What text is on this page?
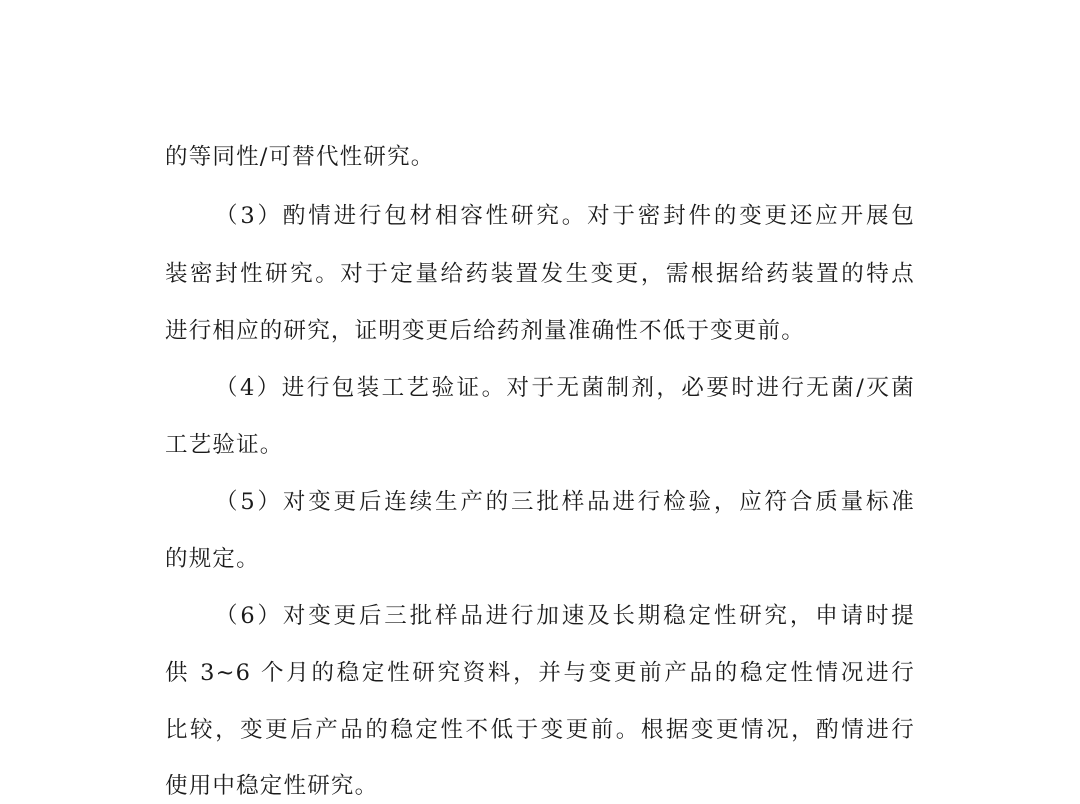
的等同性/可替代性研究。
（3）酌情进行包材相容性研究。对于密封件的变更还应开展包
装密封性研究。对于定量给药装置发生变更，需根据给药装置的特点
进行相应的研究，证明变更后给药剂量准确性不低于变更前。
（4）进行包装工艺验证。对于无菌制剂，必要时进行无菌/灭菌
工艺验证。
（5）对变更后连续生产的三批样品进行检验，应符合质量标准
的规定。
（6）对变更后三批样品进行加速及长期稳定性研究，申请时提
供 3~6 个月的稳定性研究资料，并与变更前产品的稳定性情况进行
比较，变更后产品的稳定性不低于变更前。根据变更情况，酌情进行
使用中稳定性研究。
